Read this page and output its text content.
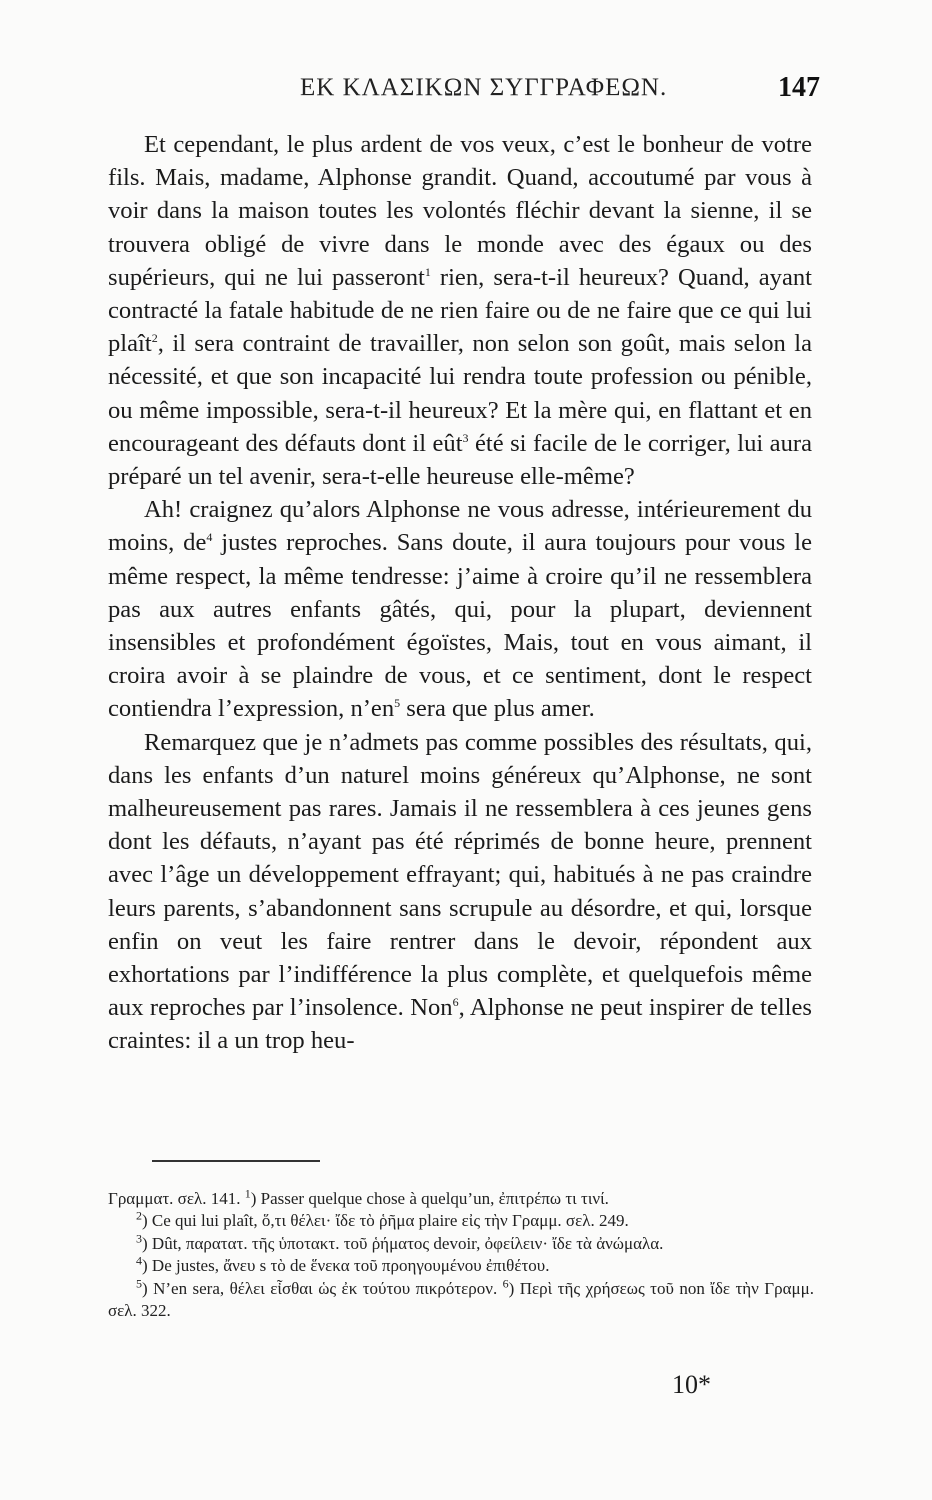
ΕΚ ΚΛΑΣΙΚΩΝ ΣΥΓΓΡΑΦΕΩΝ.	147

Et cependant, le plus ardent de vos veux, c’est le bonheur de votre fils. Mais, madame, Alphonse grandit. Quand, accoutumé par vous à voir dans la maison toutes les volontés fléchir devant la sienne, il se trouvera obligé de vivre dans le monde avec des égaux ou des supérieurs, qui ne lui passeront$^1$ rien, sera-t-il heureux? Quand, ayant contracté la fatale habitude de ne rien faire ou de ne faire que ce qui lui plaît$^2$, il sera contraint de travailler, non selon son goût, mais selon la nécessité, et que son incapacité lui rendra toute profession ou pénible, ou même impossible, sera-t-il heureux? Et la mère qui, en flattant et en encourageant des défauts dont il eût$^3$ été si facile de le corriger, lui aura préparé un tel avenir, sera-t-elle heureuse elle-même?

Ah! craignez qu’alors Alphonse ne vous adresse, intérieurement du moins, $de^4$ justes reproches. Sans doute, il aura toujours pour vous le même respect, la même tendresse: j’aime à croire qu’il ne ressemblera pas aux autres enfants gâtés, qui, pour la plupart, deviennent insensibles et profondément égoïstes, Mais, tout en vous aimant, il croira avoir à se plaindre de vous, et ce sentiment, dont le respect contiendra l’expression, $n’en^5$ sera que plus amer.

Remarquez que je n’admets pas comme possibles des résultats, qui, dans les enfants d’un naturel moins généreux qu’Alphonse, ne sont malheureusement pas rares. Jamais il ne ressemblera à ces jeunes gens dont les défauts, n’ayant pas été réprimés de bonne heure, prennent avec l’âge un développement effrayant; qui, habitués à ne pas craindre leurs parents, s’abandonnent sans scrupule au désordre, et qui, lorsque enfin on veut les faire rentrer dans le devoir, répondent aux exhortations par l’indifférence la plus complète, et quelquefois même aux reproches par l’insolence. Non$^6$, Alphonse ne peut inspirer de telles craintes: il a un trop heu-

Γραμματ. σελ. 141. $^1$) Passer quelque chose à quelqu’un, ἐπιτρέπω τι τινί.

$^2$) Ce qui lui plaît, ὅ,τι θέλει· ἴδε τὸ ῥῆμα plaire εἰς τὴν Γραμμ. σελ. 249.

$^3$) Dût, παρατατ. τῆς ὑποτακτ. τοῦ ῥήματος devoir, ὀφείλειν· ἴδε τὰ ἀνώμαλα.

$^4$) De justes, ἄνευ s τὸ de ἕνεκα τοῦ προηγουμένου ἐπιθέτου.

$^5$) N’en sera, θέλει εἶσθαι ὡς ἐκ τούτου πικρότερον. $^6$) Περὶ τῆς χρήσεως τοῦ non ἴδε τὴν Γραμμ. σελ. 322.

10*
